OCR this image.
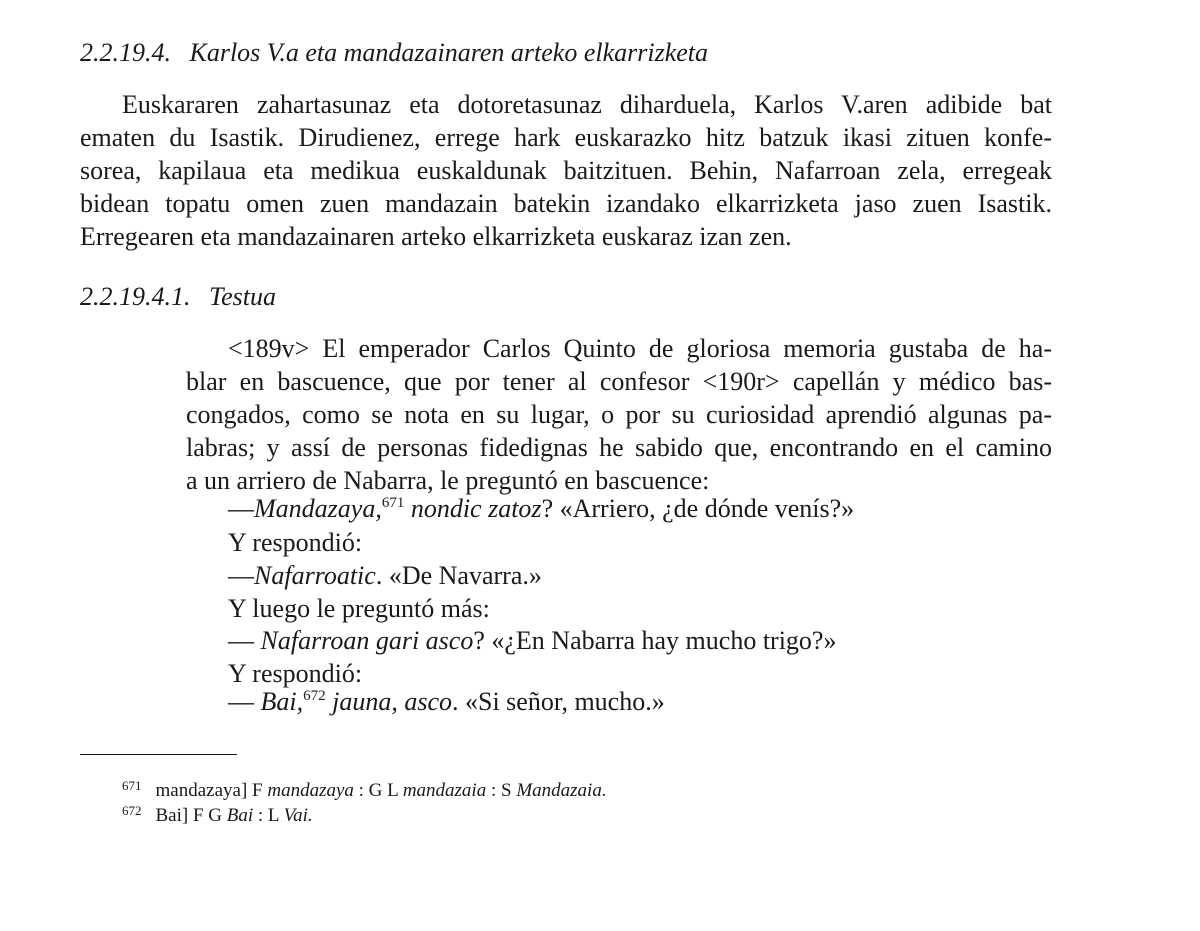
2.2.19.4. Karlos V.a eta mandazainaren arteko elkarrizketa
Euskararen zahartasunaz eta dotoretasunaz diharduela, Karlos V.aren adibide bat
ematen du Isastik. Dirudienez, errege hark euskarazko hitz batzuk ikasi zituen konfe-
sorea, kapilaua eta medikua euskaldunak baitzituen. Behin, Nafarroan zela, erregeak
bidean topatu omen zuen mandazain batekin izandako elkarrizketa jaso zuen Isastik.
Erregearen eta mandazainaren arteko elkarrizketa euskaraz izan zen.
2.2.19.4.1. Testua
<189v> El emperador Carlos Quinto de gloriosa memoria gustaba de ha-
blar en bascuence, que por tener al confesor <190r> capellán y médico bas-
congados, como se nota en su lugar, o por su curiosidad aprendió algunas pa-
labras; y assí de personas fidedignas he sabido que, encontrando en el camino
a un arriero de Nabarra, le preguntó en bascuence:
—Mandazaya,$^{671}$ nondic zatoz? «Arriero, ¿de dónde venís?»
Y respondió:
—Nafarroatic. «De Navarra.»
Y luego le preguntó más:
— Nafarroan gari asco? «¿En Nabarra hay mucho trigo?»
Y respondió:
— Bai,$^{672}$ jauna, asco. «Si señor, mucho.»
$^{671}$ mandazaya] F mandazaya : G L mandazaia : S Mandazaia.
$^{672}$ Bai] F G Bai : L Vai.
